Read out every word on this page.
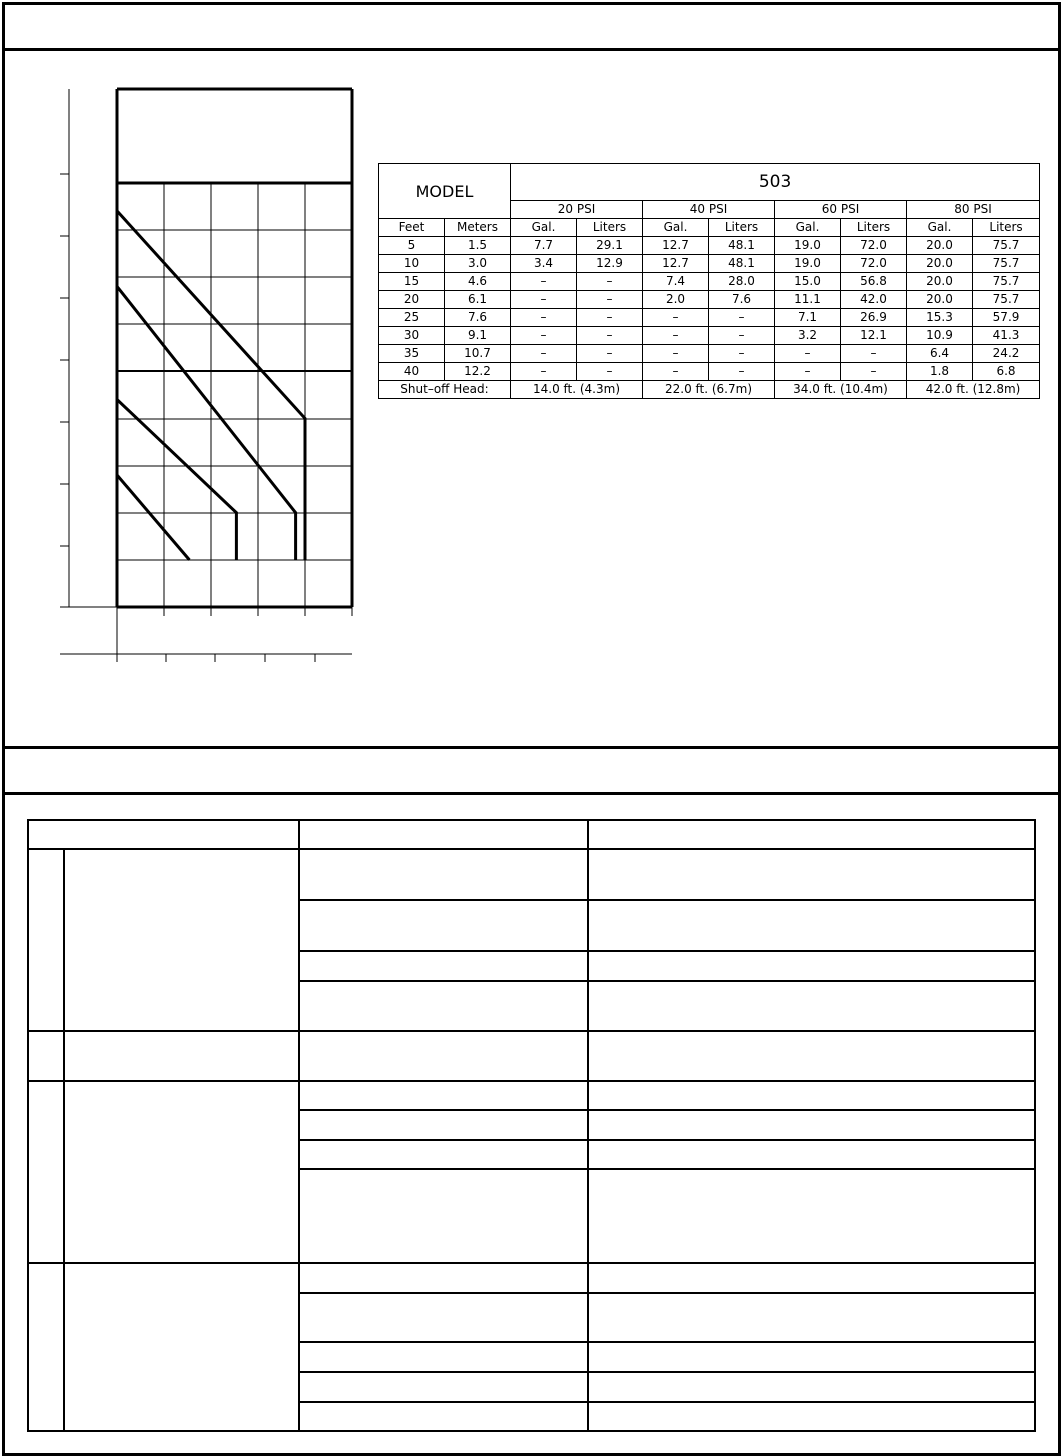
MODEL		503							
		20 PSI		40 PSI		60 PSI		80 PSI	
Feet	Meters	Gal.	Liters	Gal.	Liters	Gal.	Liters	Gal.	Liters
5	1.5	7.7	29.1	12.7	48.1	19.0	72.0	20.0	75.7
10	3.0	3.4	12.9	12.7	48.1	19.0	72.0	20.0	75.7
15	4.6	–	–	7.4	28.0	15.0	56.8	20.0	75.7
20	6.1	–	–	2.0	7.6	11.1	42.0	20.0	75.7
25	7.6	–	–	–	–	7.1	26.9	15.3	57.9
30	9.1	–	–	–	–	3.2	12.1	10.9	41.3
35	10.7	–	–	–	–	–	–	6.4	24.2
40	12.2	–	–	–	–	–	–	1.8	6.8
Shut–off Head:		14.0 ft. (4.3m)		22.0 ft. (6.7m)		34.0 ft. (10.4m)		42.0 ft. (12.8m)	
